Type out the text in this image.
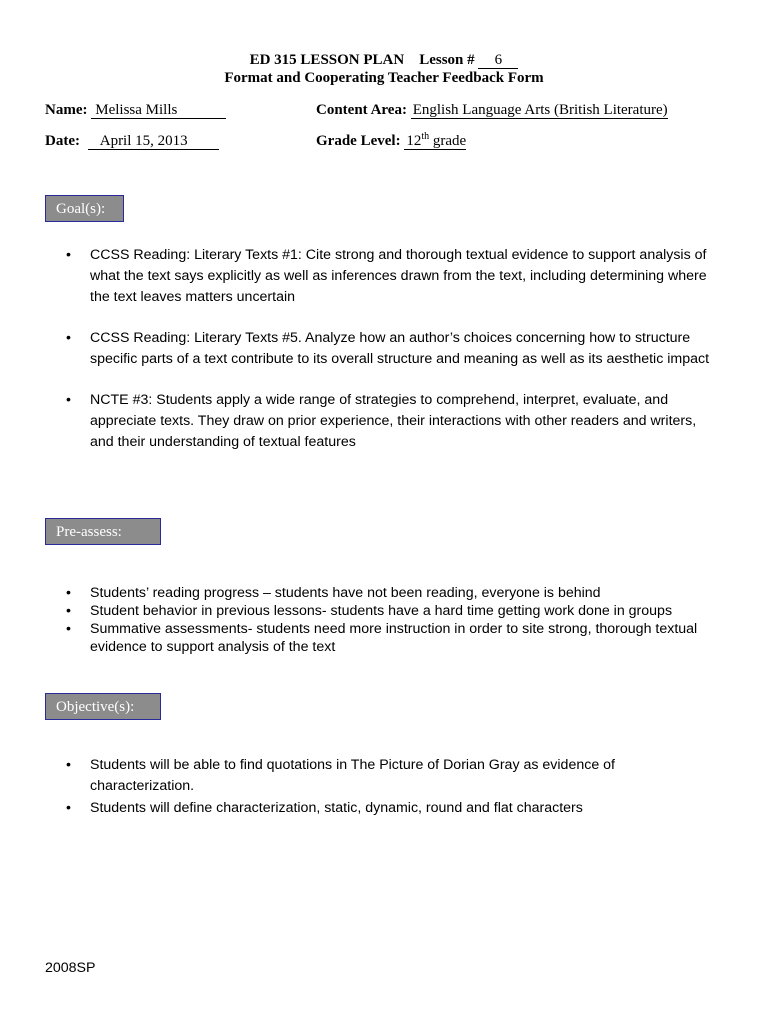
ED 315 LESSON PLAN Lesson # 6
Format and Cooperating Teacher Feedback Form
Name: Melissa Mills	Content Area: English Language Arts (British Literature)
Date: April 15, 2013	Grade Level: 12th grade
Goal(s):
• CCSS Reading: Literary Texts #1: Cite strong and thorough textual evidence to support analysis of what the text says explicitly as well as inferences drawn from the text, including determining where the text leaves matters uncertain
• CCSS Reading: Literary Texts #5. Analyze how an author’s choices concerning how to structure specific parts of a text contribute to its overall structure and meaning as well as its aesthetic impact
• NCTE #3: Students apply a wide range of strategies to comprehend, interpret, evaluate, and appreciate texts. They draw on prior experience, their interactions with other readers and writers, and their understanding of textual features
Pre-assess:
• Students’ reading progress – students have not been reading, everyone is behind
• Student behavior in previous lessons- students have a hard time getting work done in groups
• Summative assessments- students need more instruction in order to site strong, thorough textual evidence to support analysis of the text
Objective(s):
• Students will be able to find quotations in The Picture of Dorian Gray as evidence of characterization.
• Students will define characterization, static, dynamic, round and flat characters
2008SP
